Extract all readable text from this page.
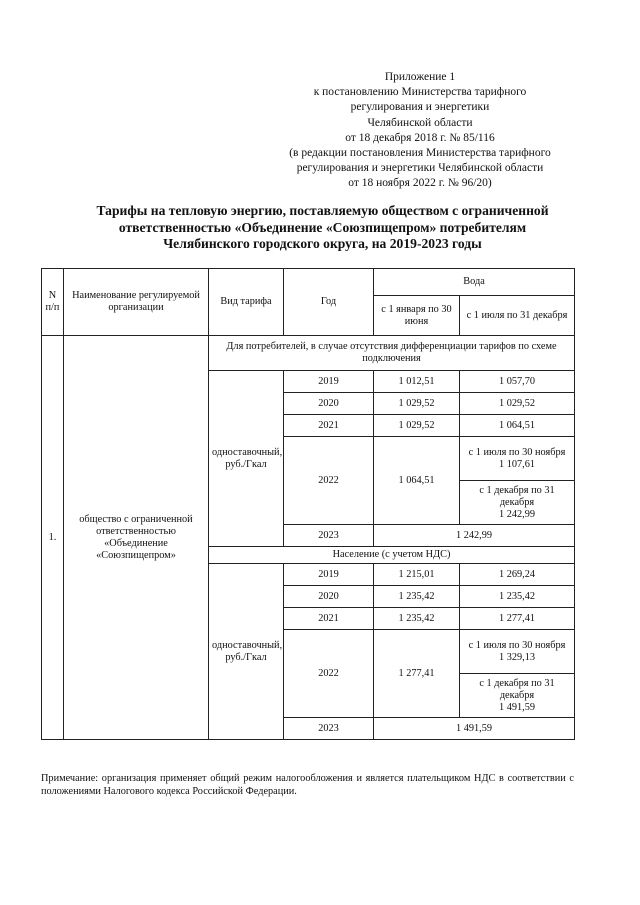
Приложение 1
к постановлению Министерства тарифного
регулирования и энергетики
Челябинской области
от 18 декабря 2018 г. № 85/116
(в редакции постановления Министерства тарифного
регулирования и энергетики Челябинской области
от 18 ноября 2022 г. № 96/20)
Тарифы на тепловую энергию, поставляемую обществом с ограниченной
ответственностью «Объединение «Союзпищепром» потребителям
Челябинского городского округа, на 2019-2023 годы
N п/п	Наименование регулируемой организации	Вид тарифа	Год	Вода	
				с 1 января по 30 июня	с 1 июля по 31 декабря
1.	общество с ограниченной ответственностью «Объединение «Союзпищепром»	Для потребителей, в случае отсутствия дифференциации тарифов по схеме подключения			
		одноставочный, руб./Гкал	2019	1 012,51	1 057,70
			2020	1 029,52	1 029,52
			2021	1 029,52	1 064,51
			2022	1 064,51	с 1 июля по 30 ноября
1 107,61

					с 1 декабря по 31 декабря
1 242,99

			2023	1 242,99	
		Население (с учетом НДС)			
		одноставочный, руб./Гкал	2019	1 215,01	1 269,24
			2020	1 235,42	1 235,42
			2021	1 235,42	1 277,41
			2022	1 277,41	с 1 июля по 30 ноября
1 329,13

					с 1 декабря по 31 декабря
1 491,59

			2023	1 491,59	
Примечание: организация применяет общий режим налогообложения и является плательщиком НДС в соответствии с положениями Налогового кодекса Российской Федерации.
